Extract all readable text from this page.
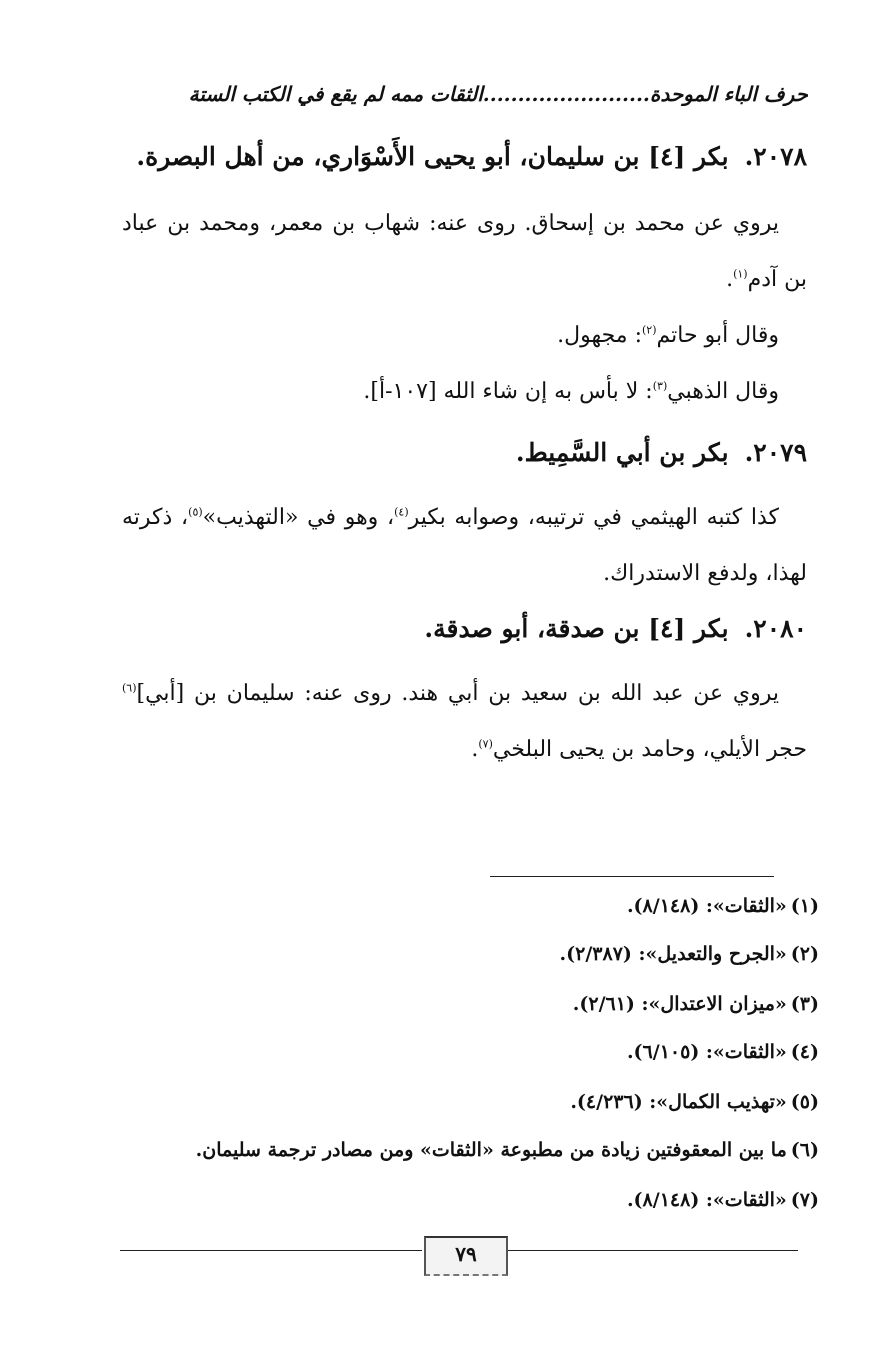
حرف الباء الموحدة........................الثقات ممه لم يقع في الكتب الستة
٢٠٧٨.بكر [٤] بن سليمان، أبو يحيى الأَسْوَاري، من أهل البصرة.
يروي عن محمد بن إسحاق. روى عنه: شهاب بن معمر، ومحمد بن عباد بن آدم$^{(١)}$.
وقال أبو حاتم$^{(٢)}$: مجهول.
وقال الذهبي$^{(٣)}$: لا بأس به إن شاء الله [١٠٧-أ].
٢٠٧٩.بكر بن أبي السَّمِيط.
كذا كتبه الهيثمي في ترتيبه، وصوابه بكير$^{(٤)}$، وهو في «التهذيب»$^{(٥)}$، ذكرته لهذا، ولدفع الاستدراك.
٢٠٨٠.بكر [٤] بن صدقة، أبو صدقة.
يروي عن عبد الله بن سعيد بن أبي هند. روى عنه: سليمان بن [أبي]$^{(٦)}$ حجر الأيلي، وحامد بن يحيى البلخي$^{(٧)}$.
(١)«الثقات»: (٨/١٤٨).
(٢)«الجرح والتعديل»: (٢/٣٨٧).
(٣)«ميزان الاعتدال»: (٢/٦١).
(٤)«الثقات»: (٦/١٠٥).
(٥)«تهذيب الكمال»: (٤/٢٣٦).
(٦)ما بين المعقوفتين زيادة من مطبوعة «الثقات» ومن مصادر ترجمة سليمان.
(٧)«الثقات»: (٨/١٤٨).
٧٩
